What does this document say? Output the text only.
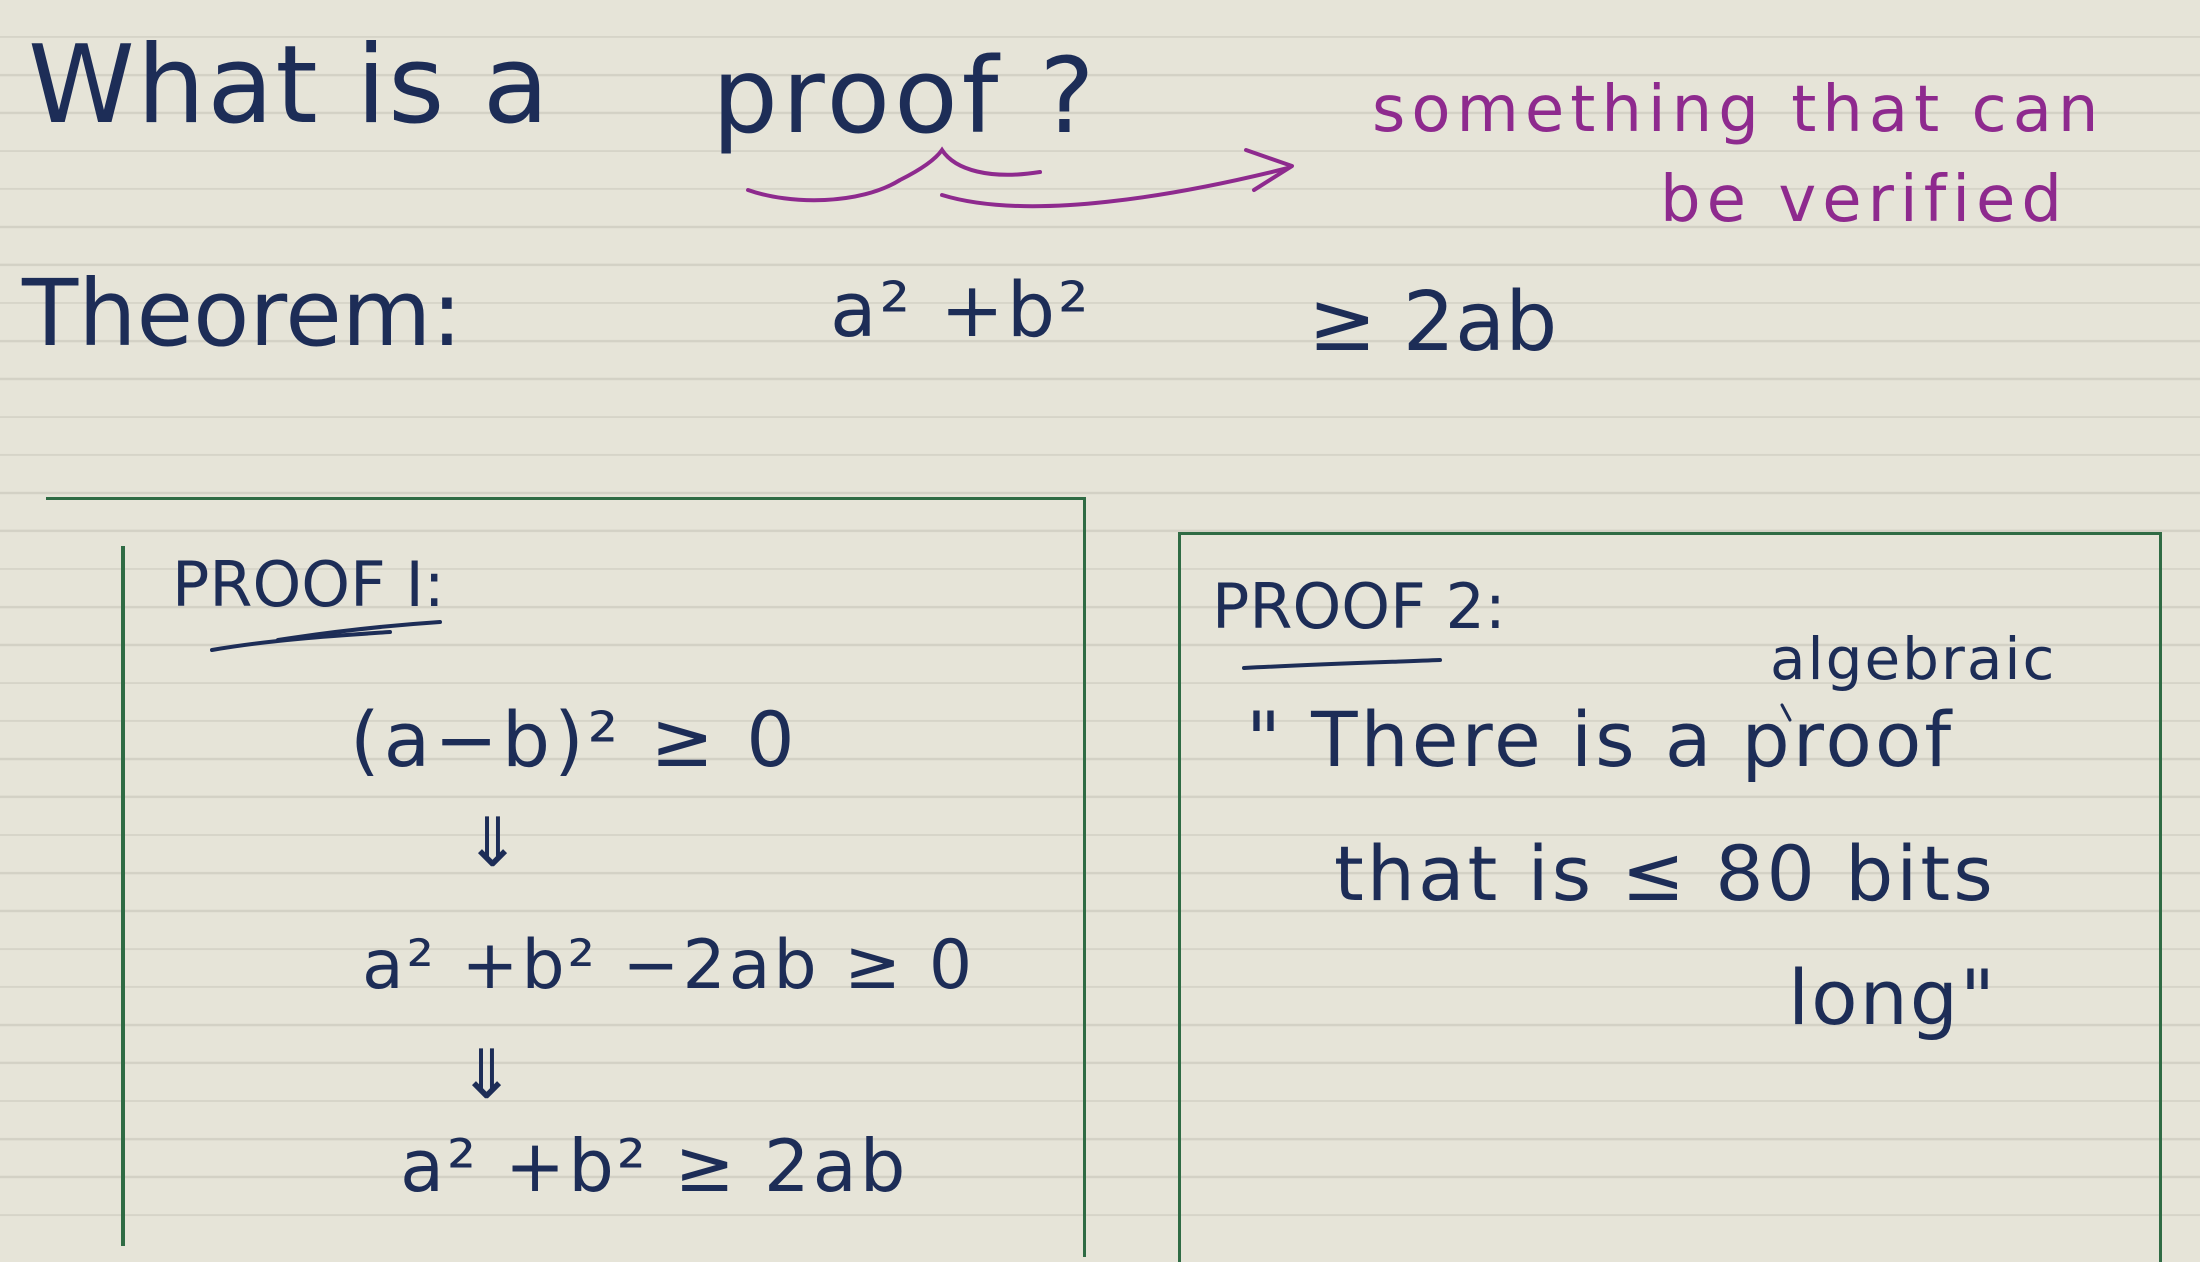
What is a proof ?	something that can
be verified
Theorem:	a² +b²	≥ 2ab
PROOF I:
(a−b)² ≥ 0
⇓
a² +b² −2ab ≥ 0
⇓
a² +b² ≥ 2ab
PROOF 2:
algebraic
" There is a proof
that is ≤ 80 bits
long"
